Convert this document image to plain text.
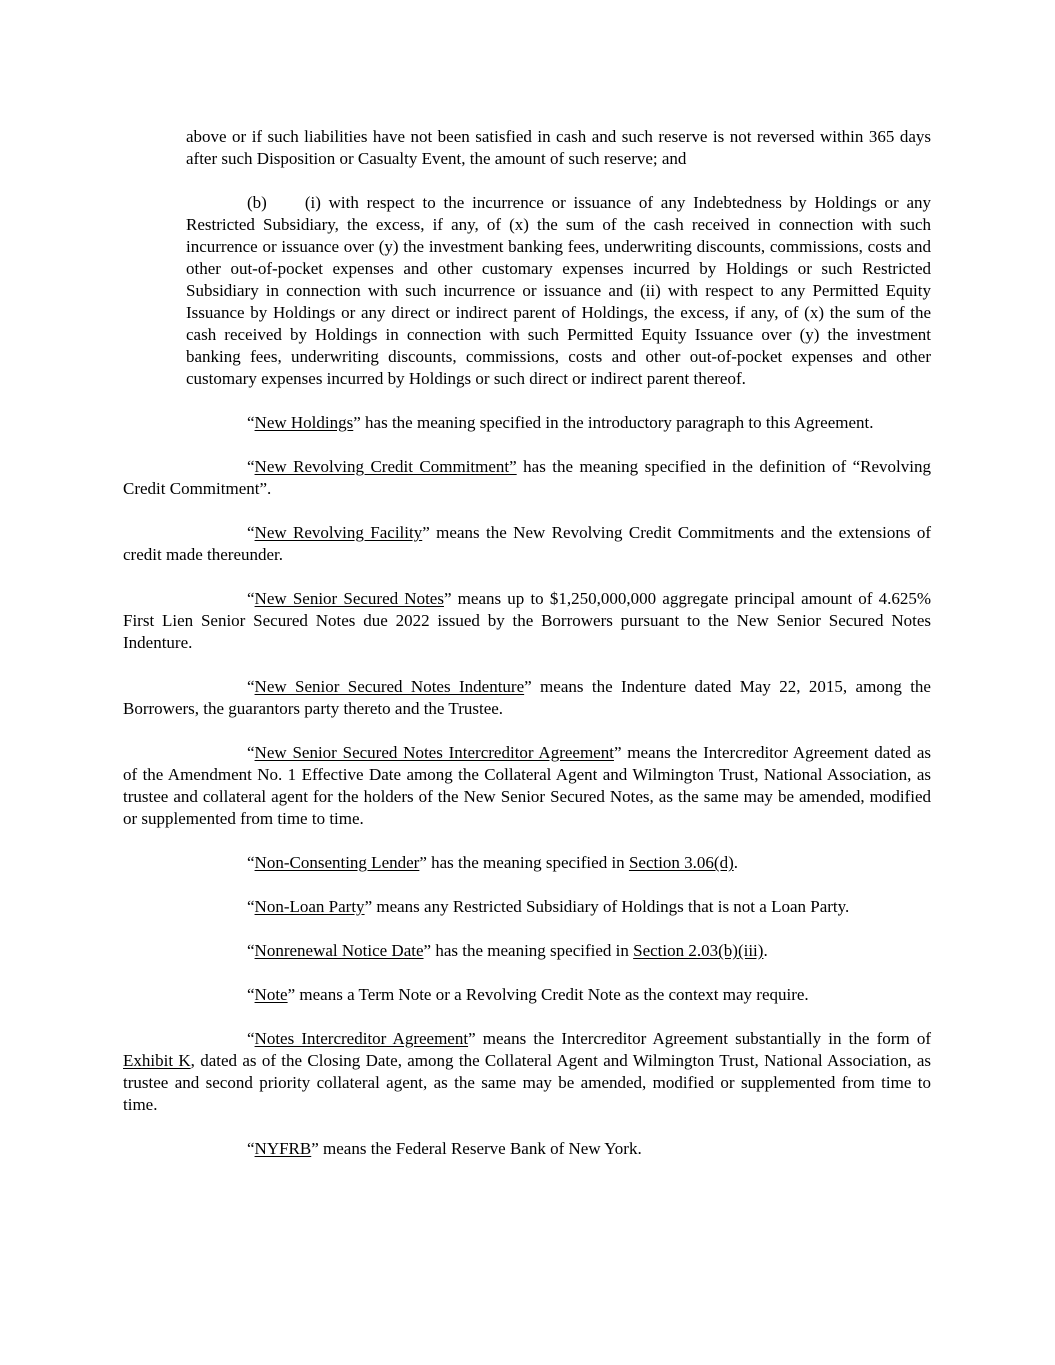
above or if such liabilities have not been satisfied in cash and such reserve is not reversed within 365 days after such Disposition or Casualty Event, the amount of such reserve; and

(b) (i) with respect to the incurrence or issuance of any Indebtedness by Holdings or any Restricted Subsidiary, the excess, if any, of (x) the sum of the cash received in connection with such incurrence or issuance over (y) the investment banking fees, underwriting discounts, commissions, costs and other out-of-pocket expenses and other customary expenses incurred by Holdings or such Restricted Subsidiary in connection with such incurrence or issuance and (ii) with respect to any Permitted Equity Issuance by Holdings or any direct or indirect parent of Holdings, the excess, if any, of (x) the sum of the cash received by Holdings in connection with such Permitted Equity Issuance over (y) the investment banking fees, underwriting discounts, commissions, costs and other out-of-pocket expenses and other customary expenses incurred by Holdings or such direct or indirect parent thereof.

“New Holdings” has the meaning specified in the introductory paragraph to this Agreement.

“New Revolving Credit Commitment” has the meaning specified in the definition of “Revolving Credit Commitment”.

“New Revolving Facility” means the New Revolving Credit Commitments and the extensions of credit made thereunder.

“New Senior Secured Notes” means up to $1,250,000,000 aggregate principal amount of 4.625% First Lien Senior Secured Notes due 2022 issued by the Borrowers pursuant to the New Senior Secured Notes Indenture.

“New Senior Secured Notes Indenture” means the Indenture dated May 22, 2015, among the Borrowers, the guarantors party thereto and the Trustee.

“New Senior Secured Notes Intercreditor Agreement” means the Intercreditor Agreement dated as of the Amendment No. 1 Effective Date among the Collateral Agent and Wilmington Trust, National Association, as trustee and collateral agent for the holders of the New Senior Secured Notes, as the same may be amended, modified or supplemented from time to time.

“Non-Consenting Lender” has the meaning specified in Section 3.06(d).

“Non-Loan Party” means any Restricted Subsidiary of Holdings that is not a Loan Party.

“Nonrenewal Notice Date” has the meaning specified in Section 2.03(b)(iii).

“Note” means a Term Note or a Revolving Credit Note as the context may require.

“Notes Intercreditor Agreement” means the Intercreditor Agreement substantially in the form of Exhibit K, dated as of the Closing Date, among the Collateral Agent and Wilmington Trust, National Association, as trustee and second priority collateral agent, as the same may be amended, modified or supplemented from time to time.

“NYFRB” means the Federal Reserve Bank of New York.
